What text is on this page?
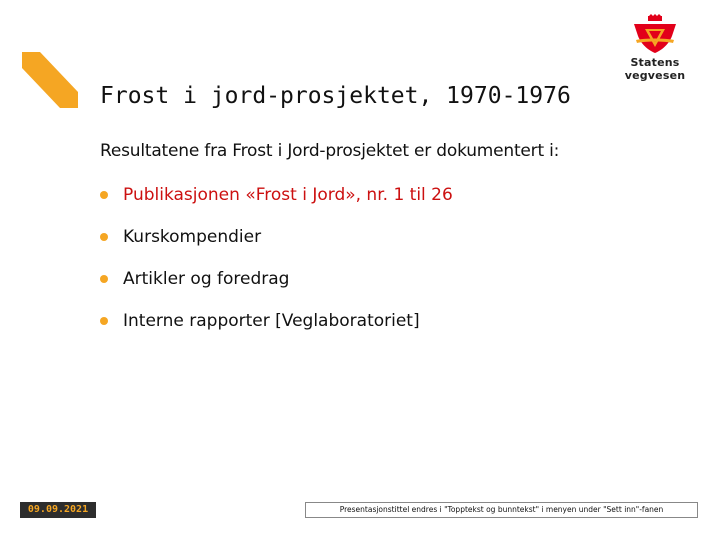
Statens vegvesen
Frost i jord-prosjektet, 1970-1976
Resultatene fra Frost i Jord-prosjektet er dokumentert i:
Publikasjonen «Frost i Jord», nr. 1 til 26
Kurskompendier
Artikler og foredrag
Interne rapporter [Veglaboratoriet]
09.09.2021	Presentasjonstittel endres i "Topptekst og bunntekst" i menyen under "Sett inn"-fanen
